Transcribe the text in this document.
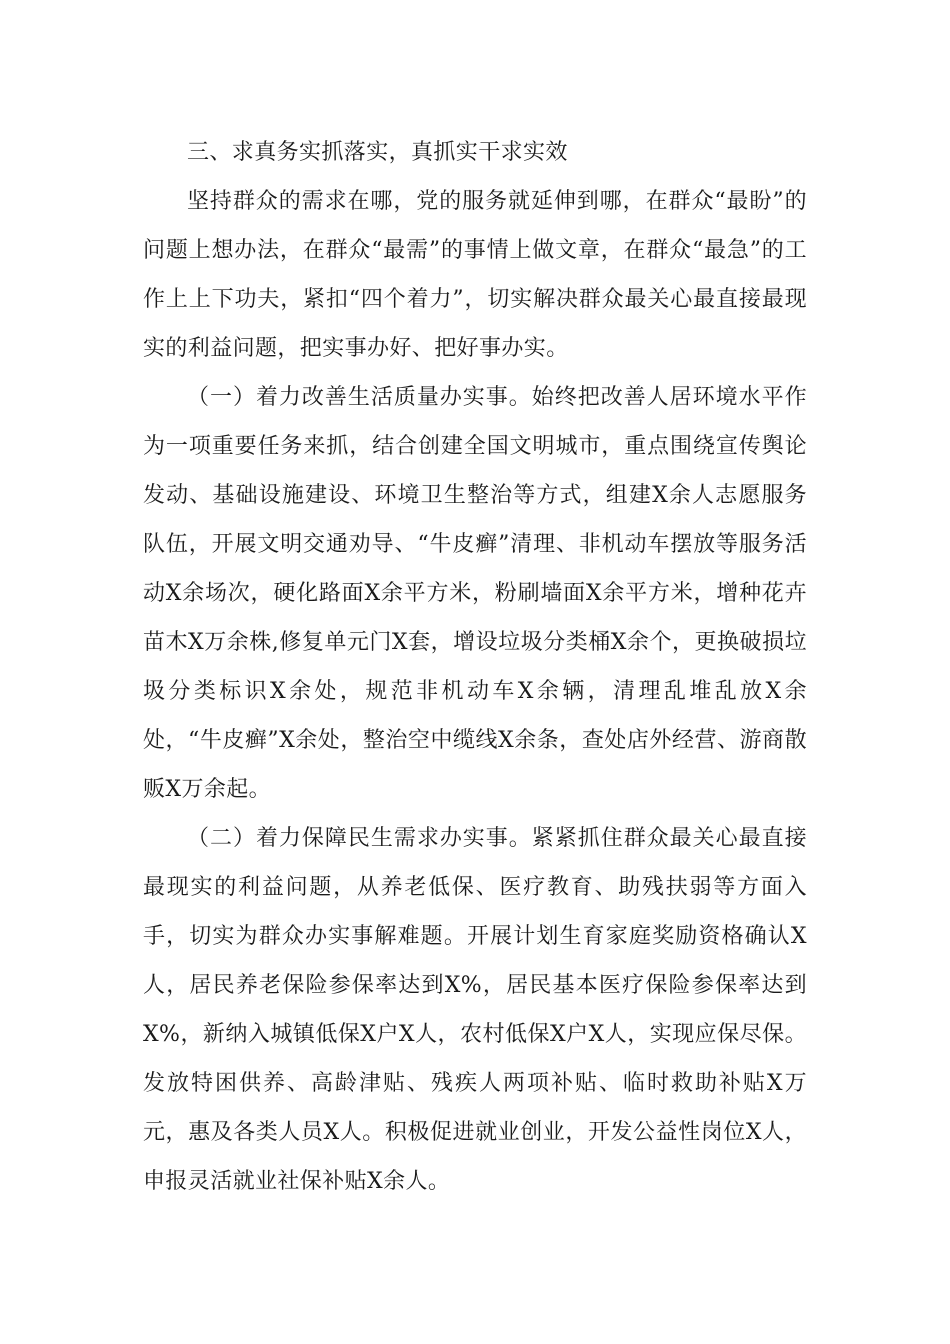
三、求真务实抓落实，真抓实干求实效

坚持群众的需求在哪，党的服务就延伸到哪，在群众“最盼”的问题上想办法，在群众“最需”的事情上做文章，在群众“最急”的工作上上下功夫，紧扣“四个着力”，切实解决群众最关心最直接最现实的利益问题，把实事办好、把好事办实。

（一）着力改善生活质量办实事。始终把改善人居环境水平作为一项重要任务来抓，结合创建全国文明城市，重点围绕宣传舆论发动、基础设施建设、环境卫生整治等方式，组建X余人志愿服务队伍，开展文明交通劝导、“牛皮癣”清理、非机动车摆放等服务活动X余场次，硬化路面X余平方米，粉刷墙面X余平方米，增种花卉苗木X万余株,修复单元门X套，增设垃圾分类桶X余个，更换破损垃圾分类标识X余处，规范非机动车X余辆，清理乱堆乱放X余处，“牛皮癣”X余处，整治空中缆线X余条，查处店外经营、游商散贩X万余起。

（二）着力保障民生需求办实事。紧紧抓住群众最关心最直接最现实的利益问题，从养老低保、医疗教育、助残扶弱等方面入手，切实为群众办实事解难题。开展计划生育家庭奖励资格确认X人，居民养老保险参保率达到X%，居民基本医疗保险参保率达到X%，新纳入城镇低保X户X人，农村低保X户X人，实现应保尽保。发放特困供养、高龄津贴、残疾人两项补贴、临时救助补贴X万元，惠及各类人员X人。积极促进就业创业，开发公益性岗位X人，申报灵活就业社保补贴X余人。
